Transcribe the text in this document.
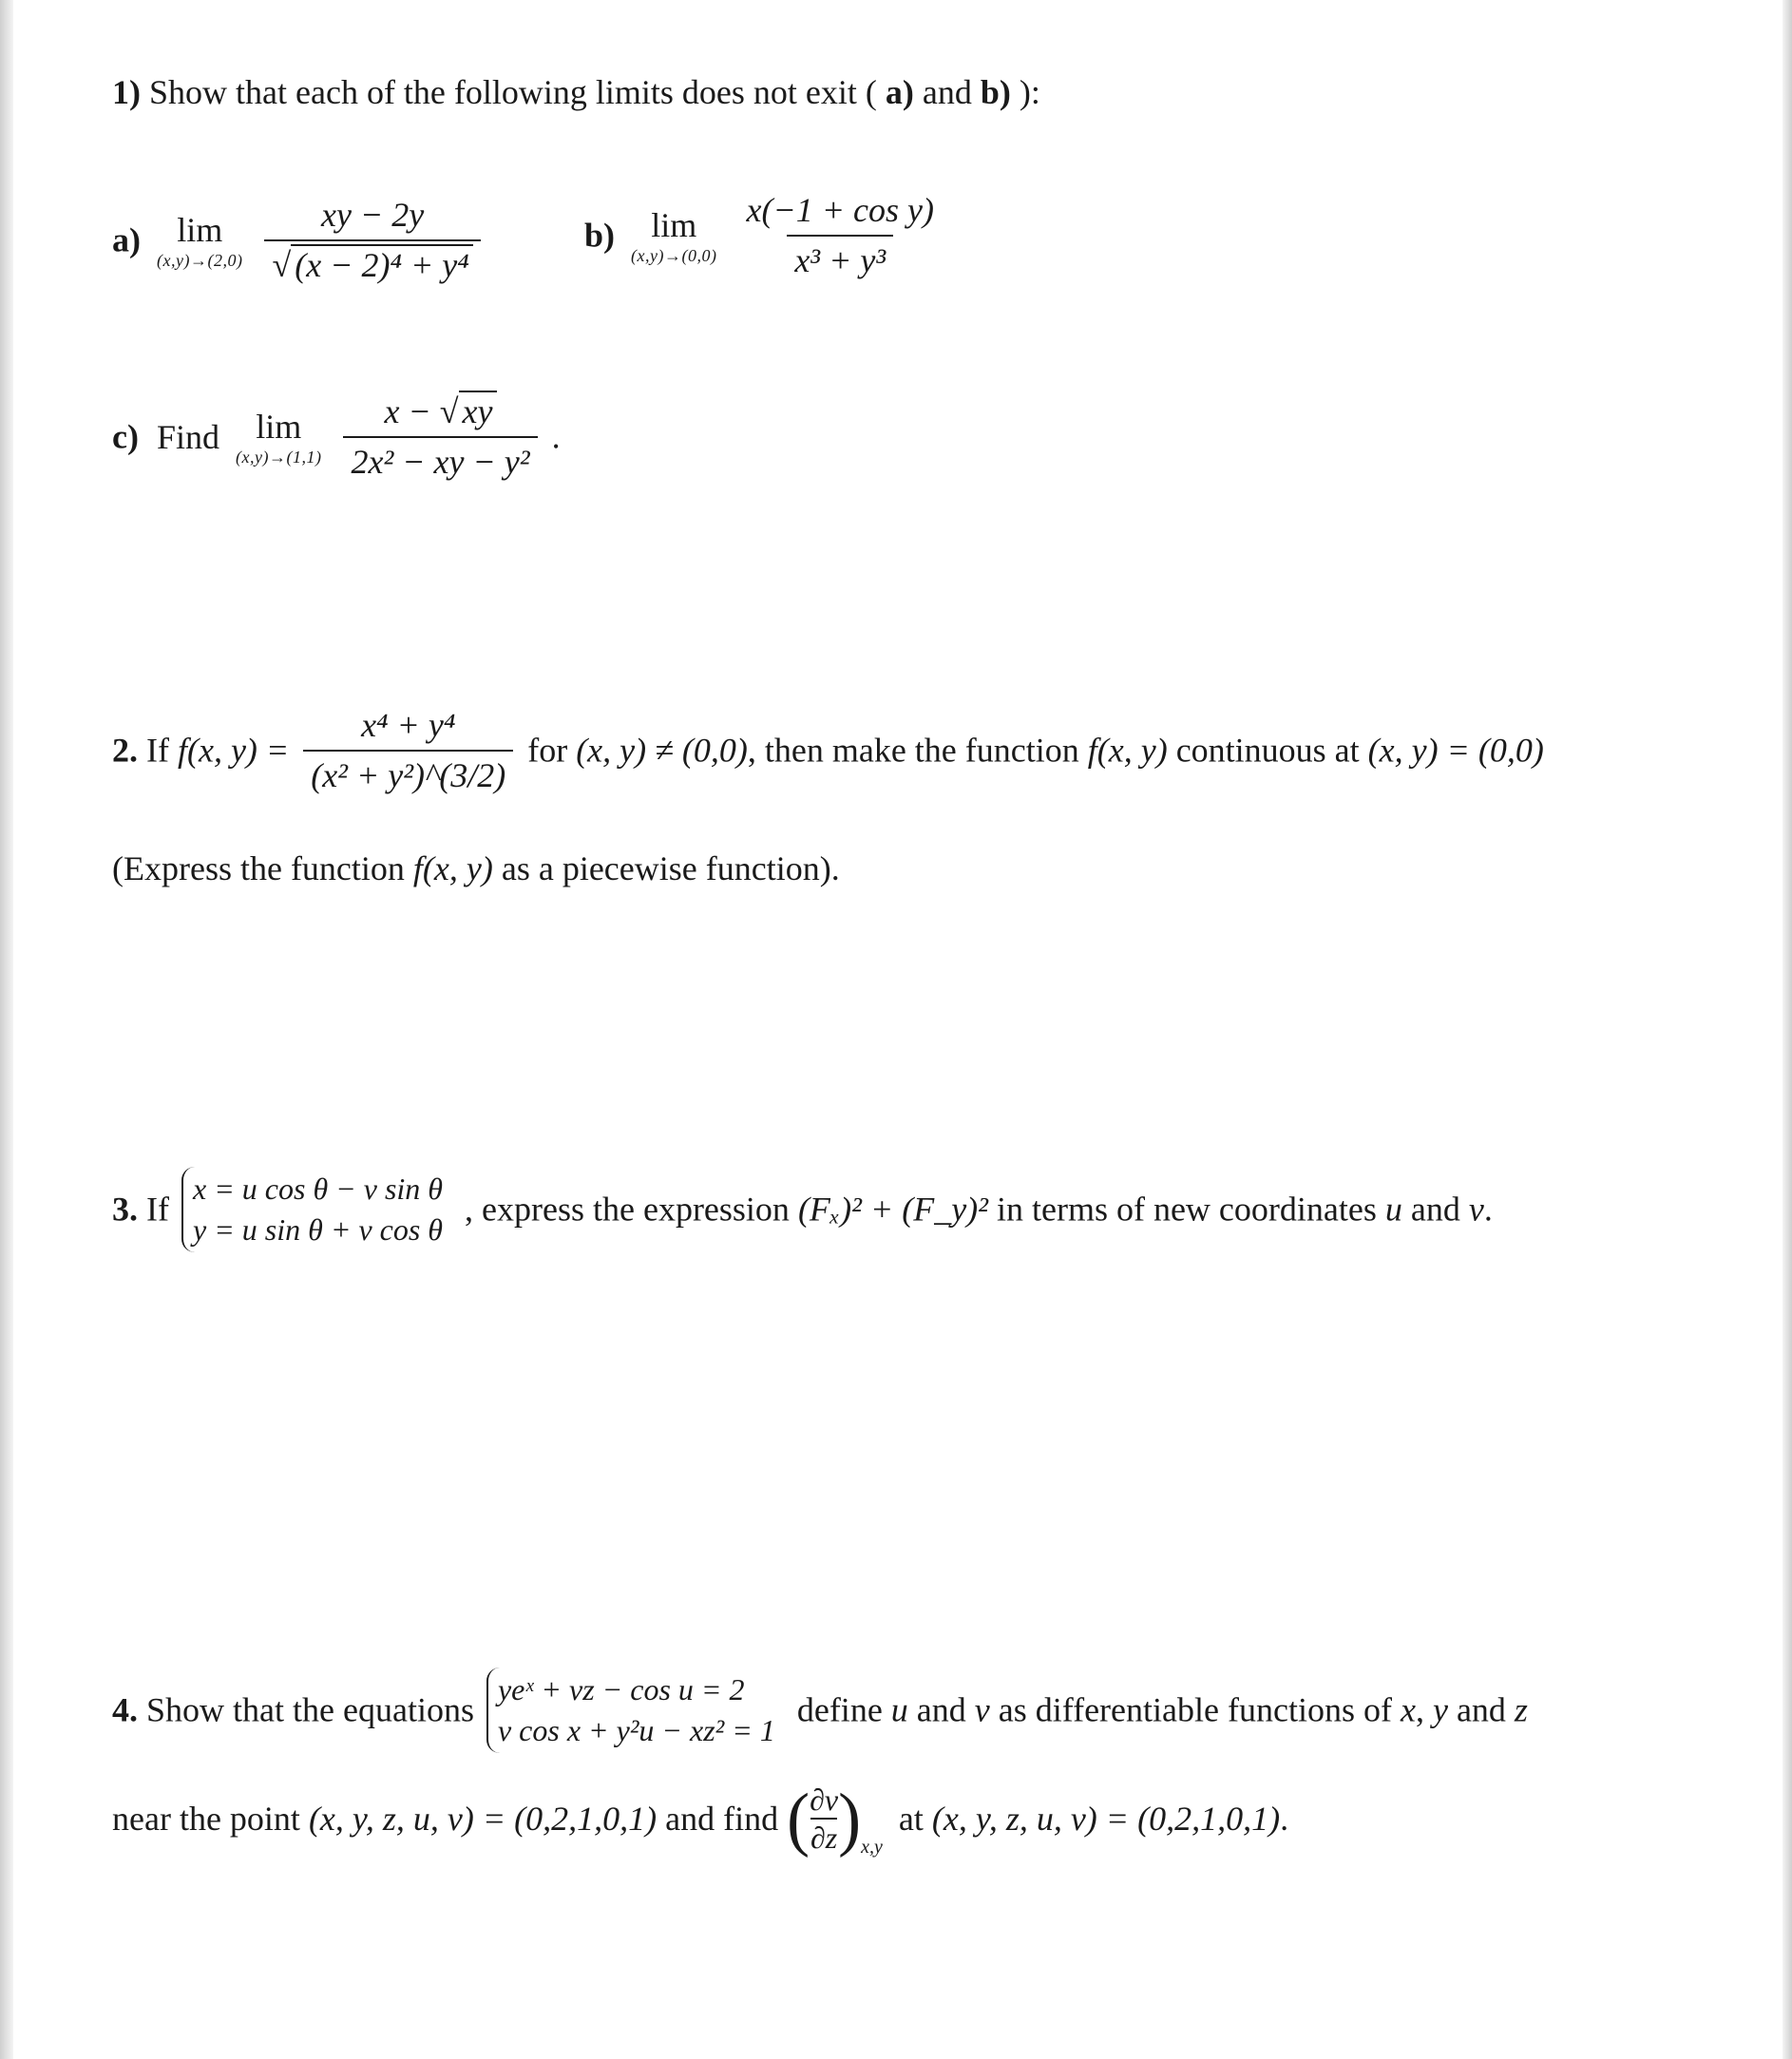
1) Show that each of the following limits does not exit ( a) and b) ):
a) lim
(x,y)→(2,0)
$\frac{xy - 2y}{\text{√ (x − 2)⁴ + y⁴}}$	b) lim
(x,y)→(0,0)
$\frac{\text{x(−1 + cos y)}}{\text{x³ + y³}}$
c) Find lim
(x,y)→(1,1)
$\frac{x - √ xy}{\text{2x² − xy − y²}}$ .
2. If f(x, $y) = \frac{\text{x⁴ + y⁴}}{\text{(x² + y²)\textasciicircum{}(3/2)}}$ for (x, y) ≠ (0,0), then make the function f(x, y) continuous at (x, y) = (0,0)
(Express the function f(x, y) as a piecewise function).
3. If
x = u cos θ − v sin θ
y = u sin θ + v cos θ
, express the expression (Fₓ)² + (F_y)² in terms of new coordinates u and v.
4. Show that the equations
yeˣ + vz − cos u = 2
v cos x + y²u − xz² = 1
define u and v as differentiable functions of x, y and z
near the point (x, y, z, u, v) = (0,2,1,0,1) and find ( $\frac{\partial v}{\partial z}$ ) x,y
at (x, y, z, u, v) = (0,2,1,0,1).
